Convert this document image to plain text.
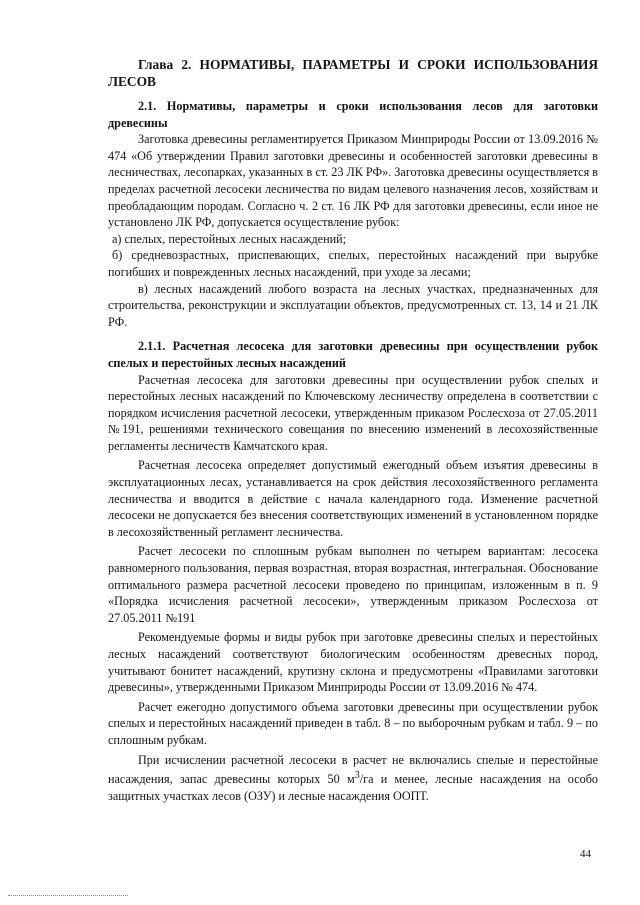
Глава 2. НОРМАТИВЫ, ПАРАМЕТРЫ И СРОКИ ИСПОЛЬЗОВАНИЯ ЛЕСОВ

2.1. Нормативы, параметры и сроки использования лесов для заготовки древесины

Заготовка древесины регламентируется Приказом Минприроды России от 13.09.2016 № 474 «Об утверждении Правил заготовки древесины и особенностей заготовки древесины в лесничествах, лесопарках, указанных в ст. 23 ЛК РФ». Заготовка древесины осуществляется в пределах расчетной лесосеки лесничества по видам целевого назначения лесов, хозяйствам и преобладающим породам. Согласно ч. 2 ст. 16 ЛК РФ для заготовки древесины, если иное не установлено ЛК РФ, допускается осуществление рубок:

а) спелых, перестойных лесных насаждений;

б) средневозрастных, приспевающих, спелых, перестойных насаждений при вырубке погибших и поврежденных лесных насаждений, при уходе за лесами;

в) лесных насаждений любого возраста на лесных участках, предназначенных для строительства, реконструкции и эксплуатации объектов, предусмотренных ст. 13, 14 и 21 ЛК РФ.

2.1.1. Расчетная лесосека для заготовки древесины при осуществлении рубок спелых и перестойных лесных насаждений

Расчетная лесосека для заготовки древесины при осуществлении рубок спелых и перестойных лесных насаждений по Ключевскому лесничеству определена в соответствии с порядком исчисления расчетной лесосеки, утвержденным приказом Рослесхоза от 27.05.2011 №191, решениями технического совещания по внесению изменений в лесохозяйственные регламенты лесничеств Камчатского края.

Расчетная лесосека определяет допустимый ежегодный объем изъятия древесины в эксплуатационных лесах, устанавливается на срок действия лесохозяйственного регламента лесничества и вводится в действие с начала календарного года. Изменение расчетной лесосеки не допускается без внесения соответствующих изменений в установленном порядке в лесохозяйственный регламент лесничества.

Расчет лесосеки по сплошным рубкам выполнен по четырем вариантам: лесосека равномерного пользования, первая возрастная, вторая возрастная, интегральная. Обоснование оптимального размера расчетной лесосеки проведено по принципам, изложенным в п. 9 «Порядка исчисления расчетной лесосеки», утвержденным приказом Рослесхоза от 27.05.2011 №191

Рекомендуемые формы и виды рубок при заготовке древесины спелых и перестойных лесных насаждений соответствуют биологическим особенностям древесных пород, учитывают бонитет насаждений, крутизну склона и предусмотрены «Правилами заготовки древесины», утвержденными Приказом Минприроды России от 13.09.2016 № 474.

Расчет ежегодно допустимого объема заготовки древесины при осуществлении рубок спелых и перестойных насаждений приведен в табл. 8 – по выборочным рубкам и табл. 9 – по сплошным рубкам.

При исчислении расчетной лесосеки в расчет не включались спелые и перестойные насаждения, запас древесины которых 50 $м^3/га$ и менее, лесные насаждения на особо защитных участках лесов (ОЗУ) и лесные насаждения ООПТ.

44
